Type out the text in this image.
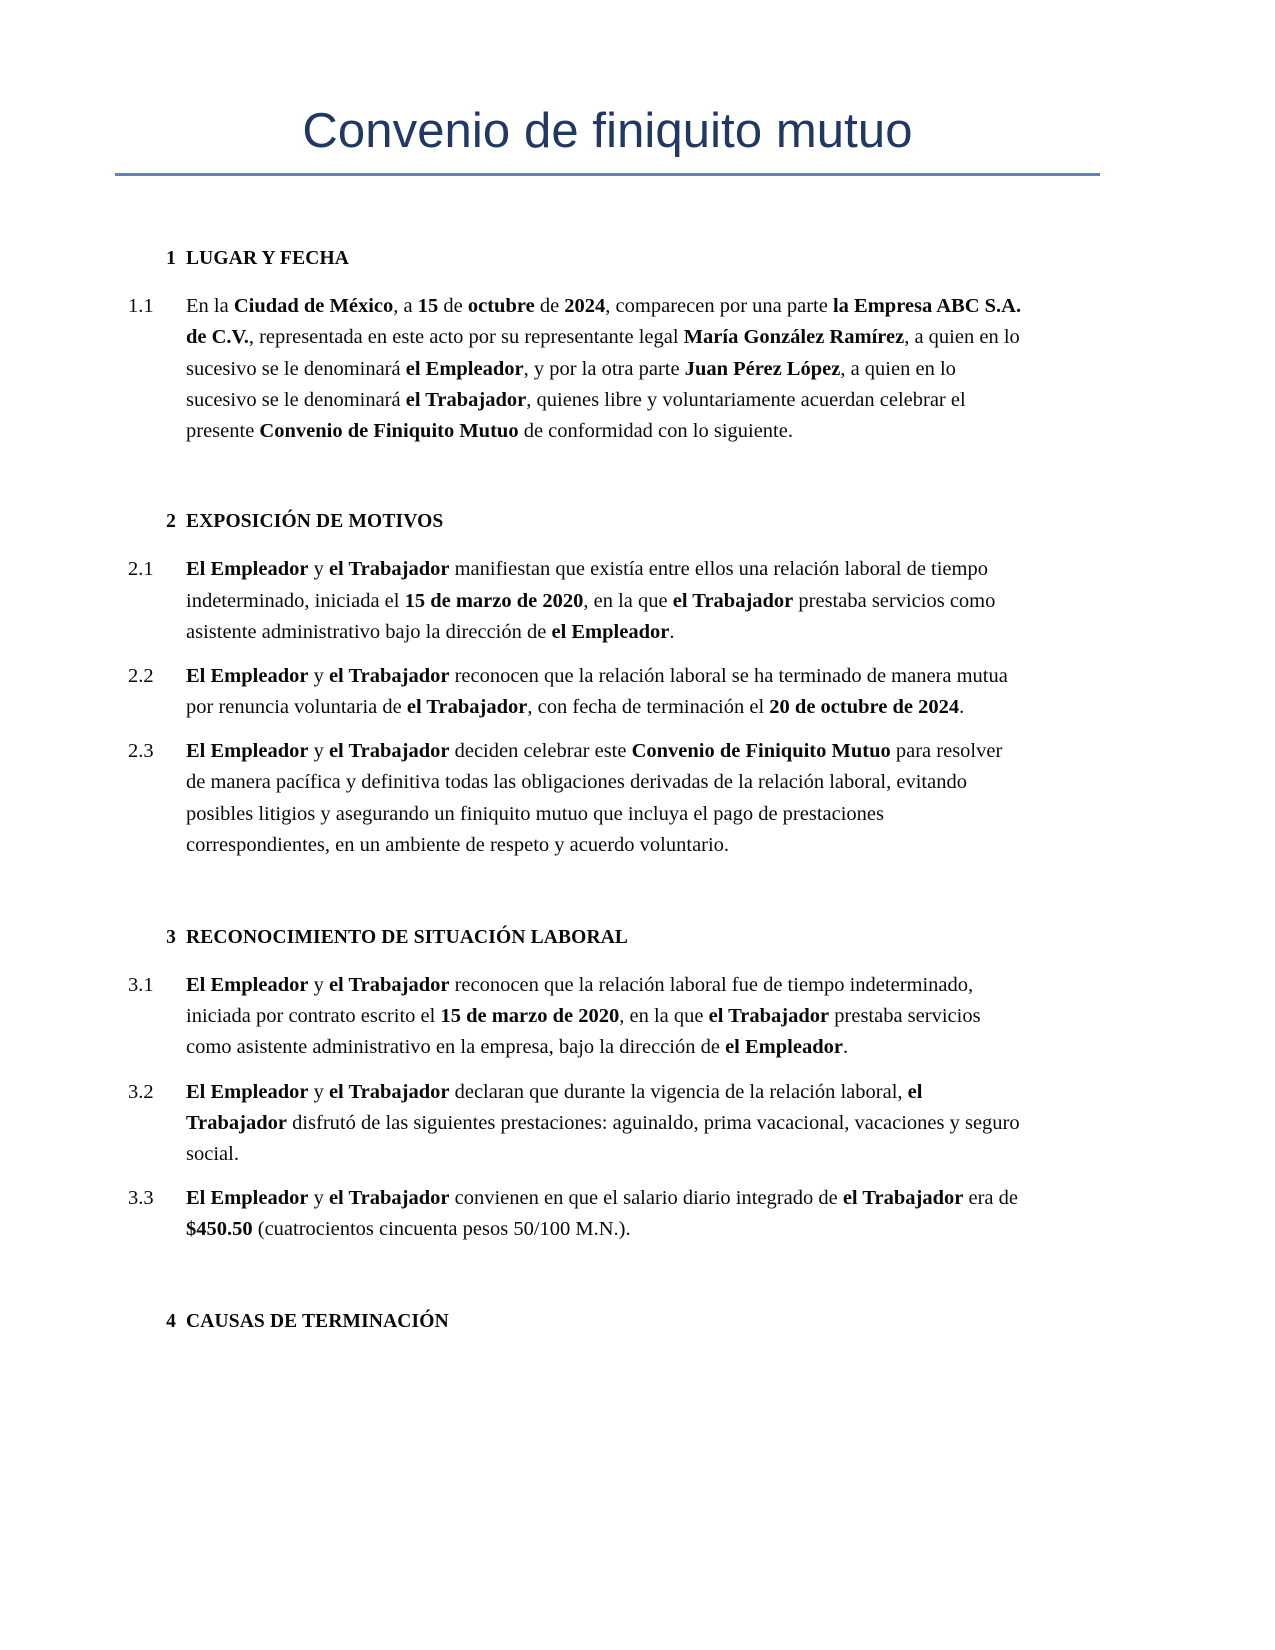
Convenio de finiquito mutuo
1 LUGAR Y FECHA
1.1	En la Ciudad de México, a 15 de octubre de 2024, comparecen por una parte la Empresa ABC S.A. de C.V., representada en este acto por su representante legal María González Ramírez, a quien en lo sucesivo se le denominará el Empleador, y por la otra parte Juan Pérez López, a quien en lo sucesivo se le denominará el Trabajador, quienes libre y voluntariamente acuerdan celebrar el presente Convenio de Finiquito Mutuo de conformidad con lo siguiente.
2 EXPOSICIÓN DE MOTIVOS
2.1	El Empleador y el Trabajador manifiestan que existía entre ellos una relación laboral de tiempo indeterminado, iniciada el 15 de marzo de 2020, en la que el Trabajador prestaba servicios como asistente administrativo bajo la dirección de el Empleador.
2.2	El Empleador y el Trabajador reconocen que la relación laboral se ha terminado de manera mutua por renuncia voluntaria de el Trabajador, con fecha de terminación el 20 de octubre de 2024.
2.3	El Empleador y el Trabajador deciden celebrar este Convenio de Finiquito Mutuo para resolver de manera pacífica y definitiva todas las obligaciones derivadas de la relación laboral, evitando posibles litigios y asegurando un finiquito mutuo que incluya el pago de prestaciones correspondientes, en un ambiente de respeto y acuerdo voluntario.
3 RECONOCIMIENTO DE SITUACIÓN LABORAL
3.1	El Empleador y el Trabajador reconocen que la relación laboral fue de tiempo indeterminado, iniciada por contrato escrito el 15 de marzo de 2020, en la que el Trabajador prestaba servicios como asistente administrativo en la empresa, bajo la dirección de el Empleador.
3.2	El Empleador y el Trabajador declaran que durante la vigencia de la relación laboral, el Trabajador disfrutó de las siguientes prestaciones: aguinaldo, prima vacacional, vacaciones y seguro social.
3.3	El Empleador y el Trabajador convienen en que el salario diario integrado de el Trabajador era de $450.50 (cuatrocientos cincuenta pesos 50/100 M.N.).
4 CAUSAS DE TERMINACIÓN
